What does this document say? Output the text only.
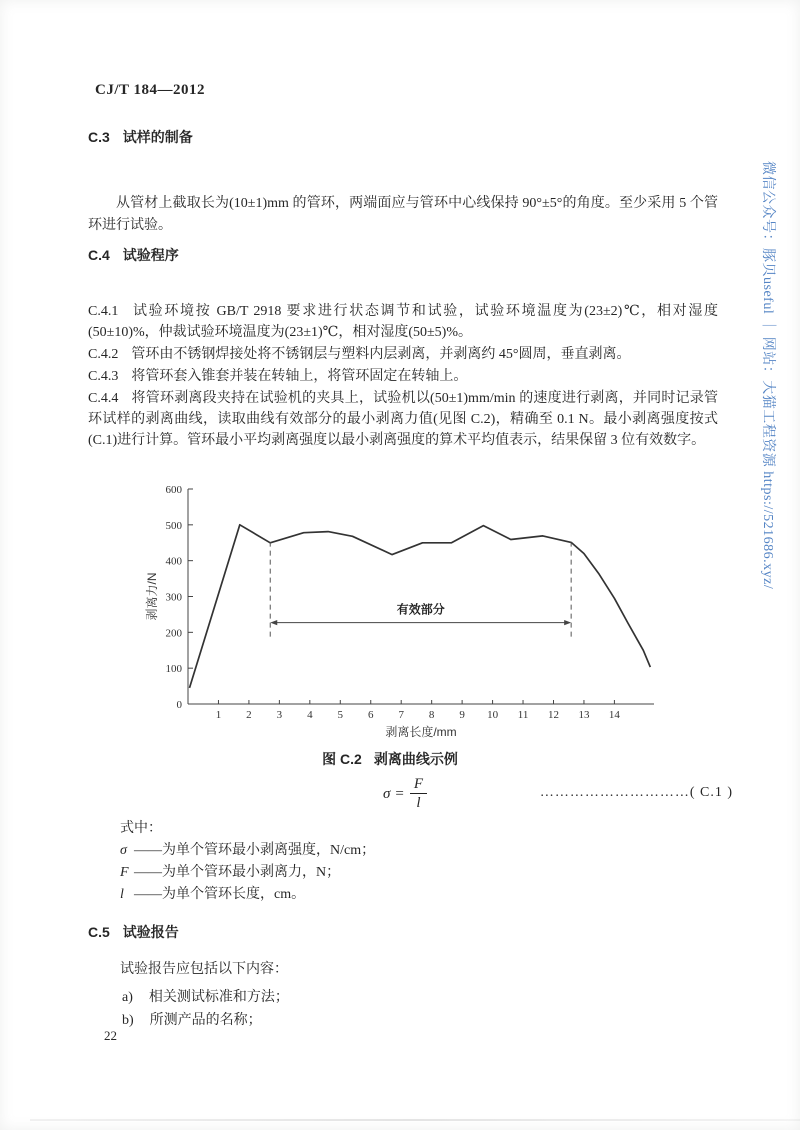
CJ/T 184—2012
C.3 试样的制备

从管材上截取长为(10±1)mm 的管环，两端面应与管环中心线保持 90°±5°的角度。至少采用 5 个管环进行试验。

C.4 试验程序

C.4.1 试验环境按 GB/T 2918 要求进行状态调节和试验，试验环境温度为(23±2)℃，相对湿度(50±10)%，仲裁试验环境温度为(23±1)℃，相对湿度(50±5)%。

C.4.2 管环由不锈钢焊接处将不锈钢层与塑料内层剥离，并剥离约 45°圆周，垂直剥离。

C.4.3 将管环套入锥套并装在转轴上，将管环固定在转轴上。

C.4.4 将管环剥离段夹持在试验机的夹具上，试验机以(50±1)mm/min 的速度进行剥离，并同时记录管环试样的剥离曲线，读取曲线有效部分的最小剥离力值(见图 C.2)，精确至 0.1 N。最小剥离强度按式(C.1)进行计算。管环最小平均剥离强度以最小剥离强度的算术平均值表示，结果保留 3 位有效数字。

0
100
200
300
400
500
600
1 2 3 4 5 6 7 8 9 10 11 12 13 14
剥离力/N
剥离长度/mm
有效部分
图 C.2 剥离曲线示例
$\sigma = \frac{F}{l}$	…………………………( C.1 )
式中：
σ ——为单个管环最小剥离强度，N/cm；
F ——为单个管环最小剥离力，N；
l ——为单个管环长度，cm。
C.5 试验报告
试验报告应包括以下内容：
a) 相关测试标准和方法；
b) 所测产品的名称；
22
微信公众号：豚贝useful ｜ 网站：大猫工程资源 https://521686.xyz/
